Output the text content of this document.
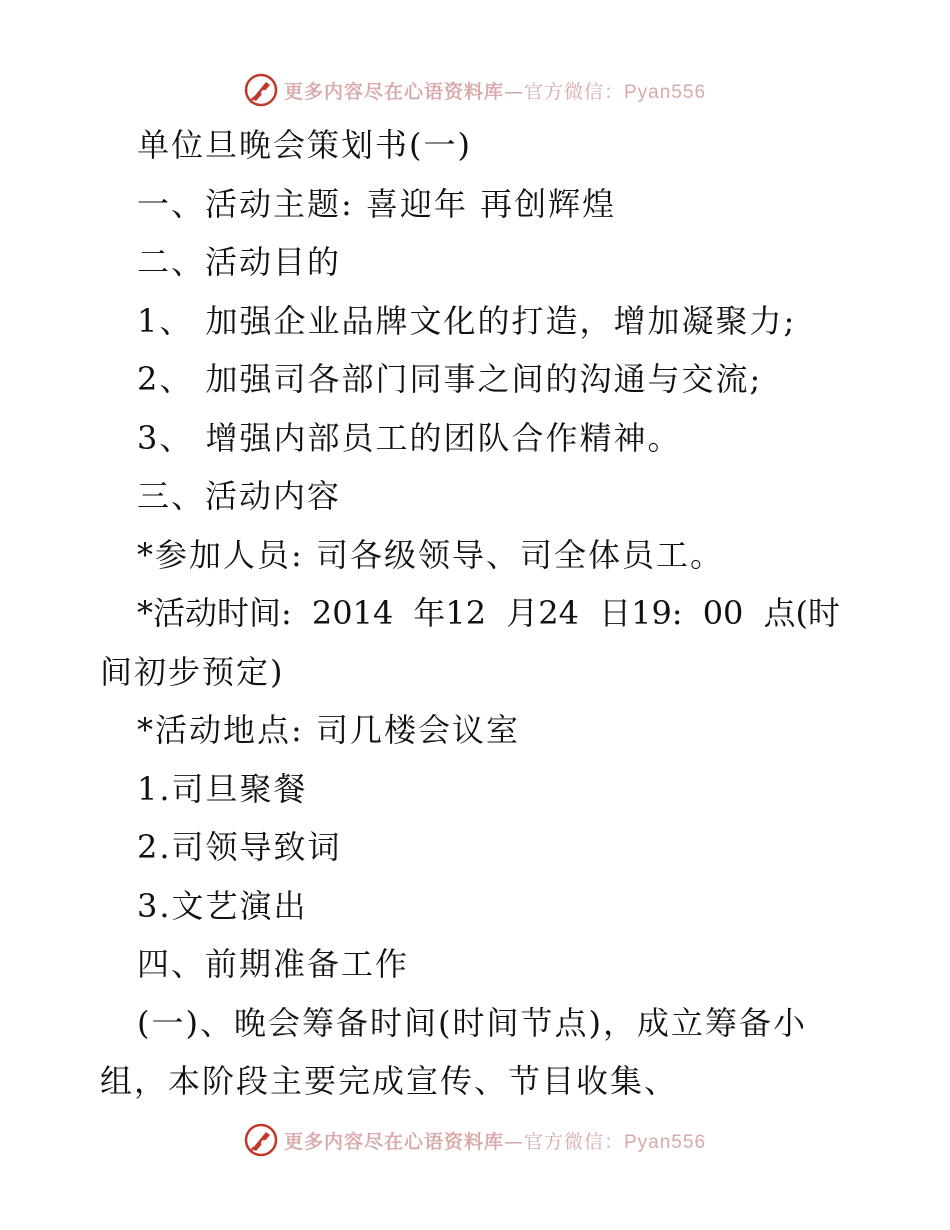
更多内容尽在心语资料库—官方微信：Pyan556
单位旦晚会策划书(一)
一、活动主题: 喜迎年 再创辉煌
二、活动目的
1、 加强企业品牌文化的打造，增加凝聚力;
2、 加强司各部门同事之间的沟通与交流;
3、 增强内部员工的团队合作精神。
三、活动内容
*参加人员: 司各级领导、司全体员工。
*活动时间: 2014 年12 月24 日19: 00 点(时
间初步预定)
*活动地点: 司几楼会议室
1.司旦聚餐
2.司领导致词
3.文艺演出
四、前期准备工作
(一)、晚会筹备时间(时间节点)，成立筹备小
组，本阶段主要完成宣传、节目收集、
更多内容尽在心语资料库—官方微信：Pyan556
